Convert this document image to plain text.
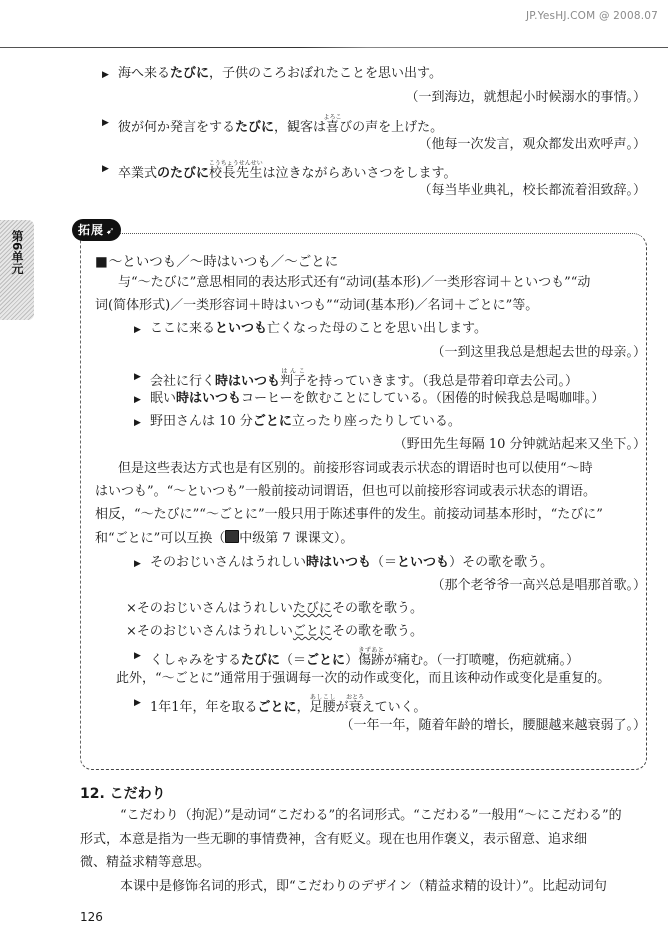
JP.YesHJ.COM @ 2008.07
▶ 海へ来るたびに，子供のころおぼれたことを思い出す。
（一到海边，就想起小时候溺水的事情。）
▶ 彼が何か発言をするたびに，観客は喜よろこびの声を上げた。
（他每一次发言，观众都发出欢呼声。）
▶ 卒業式のたびに校長先生こうちょうせんせいは泣きながらあいさつをします。
（每当毕业典礼，校长都流着泪致辞。）
第6单元	拓展 ➹
■ ～といつも／～時はいつも／～ごとに
与“～たびに”意思相同的表达形式还有“动词(基本形)／一类形容词＋といつも”“动
词(简体形式)／一类形容词＋時はいつも”“动词(基本形)／名词＋ごとに”等。
▶ ここに来るといつも亡くなった母のことを思い出します。
（一到这里我总是想起去世的母亲。）
▶ 会社に行く時はいつも判子はんこを持っていきます。（我总是带着印章去公司。）
▶ 眠い時はいつもコーヒーを飲むことにしている。（困倦的时候我总是喝咖啡。）
▶ 野田さんは 10 分ごとに立ったり座ったりしている。
（野田先生每隔 10 分钟就站起来又坐下。）
但是这些表达方式也是有区别的。前接形容词或表示状态的谓语时也可以使用“～時
はいつも”。“～といつも”一般前接动词谓语，但也可以前接形容词或表示状态的谓语。
相反，“～たびに”“～ごとに”一般只用于陈述事件的发生。前接动词基本形时，“たびに”
和“ごとに”可以互换（ 中级第 7 课课文）。
▶ そのおじいさんはうれしい時はいつも（＝といつも）その歌を歌う。
（那个老爷爷一高兴总是唱那首歌。）
×そのおじいさんはうれしいたびにその歌を歌う。
×そのおじいさんはうれしいごとにその歌を歌う。
▶ くしゃみをするたびに（＝ごとに）傷跡きずあとが痛む。（一打喷嚏，伤疤就痛。）
此外，“～ごとに”通常用于强调每一次的动作或变化，而且该种动作或变化是重复的。
▶ 1年1年，年を取るごとに，足腰あしこしが衰おとろえていく。
（一年一年，随着年龄的增长，腰腿越来越衰弱了。）
12. こだわり
“こだわり（拘泥）”是动词“こだわる”的名词形式。“こだわる”一般用“～にこだわる”的
形式，本意是指为一些无聊的事情费神，含有贬义。现在也用作褒义，表示留意、追求细
微、精益求精等意思。
本课中是修饰名词的形式，即“こだわりのデザイン（精益求精的设计）”。比起动词句
126
